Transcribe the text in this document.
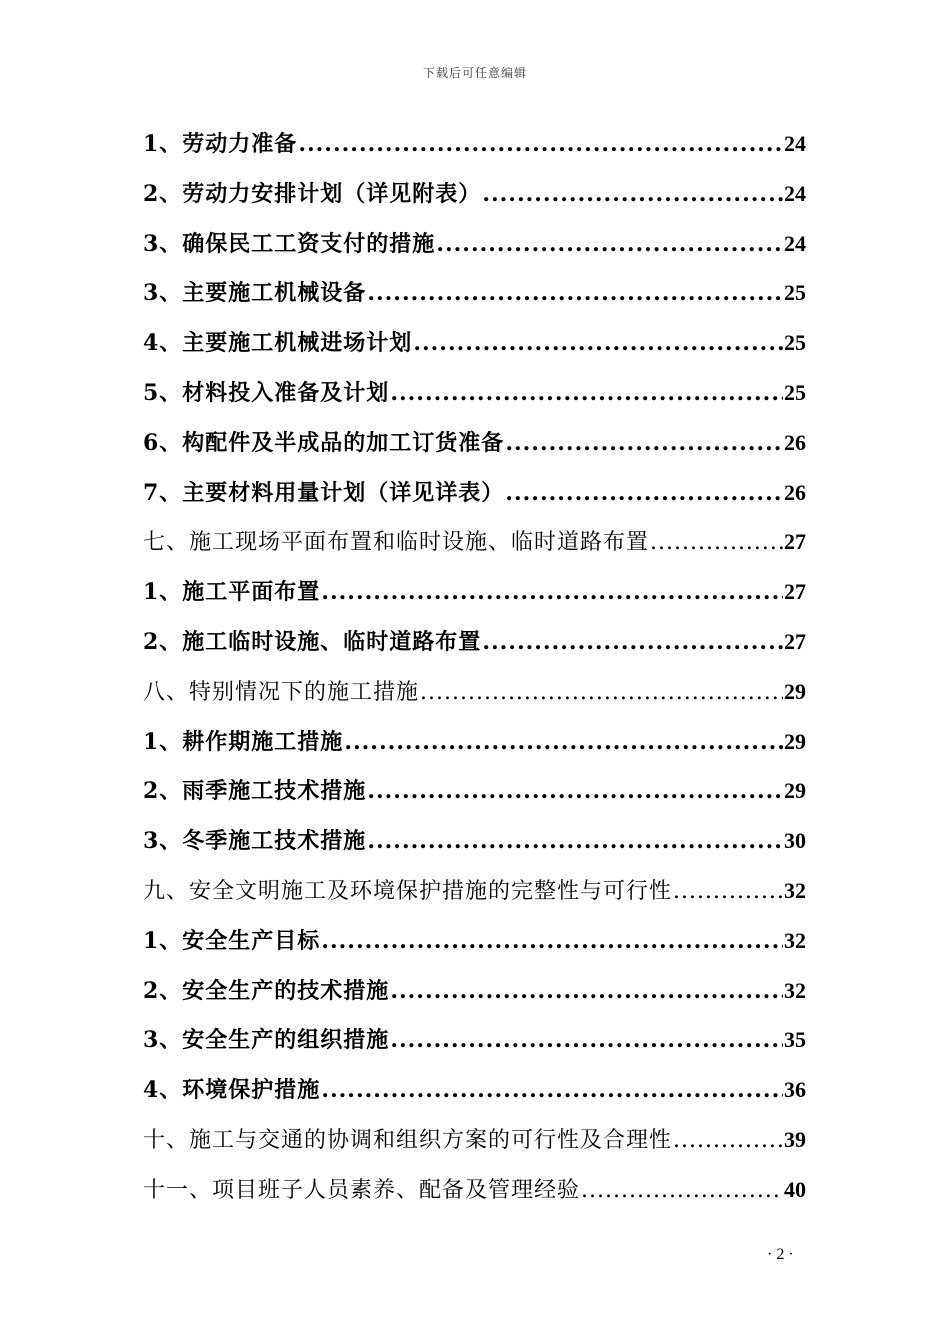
下载后可任意编辑
1、劳动力准备 .....	24
2、劳动力安排计划（详见附表） .....	24
3、确保民工工资支付的措施 .....	24
3、主要施工机械设备 .....	25
4、主要施工机械进场计划 .....	25
5、材料投入准备及计划 .....	25
6、构配件及半成品的加工订货准备 .....	26
7、主要材料用量计划（详见详表） .....	26
七、施工现场平面布置和临时设施、临时道路布置 .....	27
1、施工平面布置 .....	27
2、施工临时设施、临时道路布置 .....	27
八、特别情况下的施工措施 .....	29
1、耕作期施工措施 .....	29
2、雨季施工技术措施 .....	29
3、冬季施工技术措施 .....	30
九、安全文明施工及环境保护措施的完整性与可行性 .....	32
1、安全生产目标 .....	32
2、安全生产的技术措施 .....	32
3、安全生产的组织措施 .....	35
4、环境保护措施 .....	36
十、施工与交通的协调和组织方案的可行性及合理性 .....	39
十一、项目班子人员素养、配备及管理经验 .....	40
· 2 ·
